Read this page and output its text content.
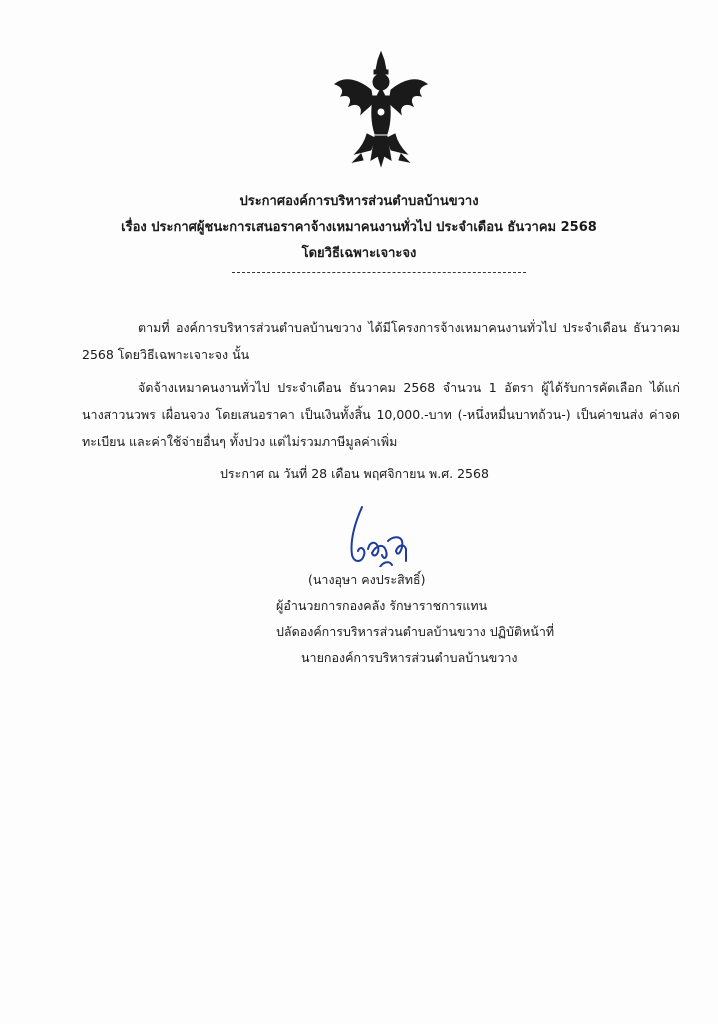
ประกาศองค์การบริหารส่วนตำบลบ้านขวาง
เรื่อง ประกาศผู้ชนะการเสนอราคาจ้างเหมาคนงานทั่วไป ประจำเดือน ธันวาคม 2568
โดยวิธีเฉพาะเจาะจง
ตามที่ องค์การบริหารส่วนตำบลบ้านขวาง ได้มีโครงการจ้างเหมาคนงานทั่วไป ประจำเดือน ธันวาคม
2568 โดยวิธีเฉพาะเจาะจง นั้น
จัดจ้างเหมาคนงานทั่วไป ประจำเดือน ธันวาคม 2568 จำนวน 1 อัตรา ผู้ได้รับการคัดเลือก ได้แก่
นางสาวนวพร เผื่อนจวง โดยเสนอราคา เป็นเงินทั้งสิ้น 10,000.-บาท (-หนึ่งหมื่นบาทถ้วน-) เป็นค่าขนส่ง ค่าจด
ทะเบียน และค่าใช้จ่ายอื่นๆ ทั้งปวง แต่ไม่รวมภาษีมูลค่าเพิ่ม
ประกาศ ณ วันที่ 28 เดือน พฤศจิกายน พ.ศ. 2568
(นางอุษา คงประสิทธิ์)
ผู้อำนวยการกองคลัง รักษาราชการแทน
ปลัดองค์การบริหารส่วนตำบลบ้านขวาง ปฏิบัติหน้าที่
นายกองค์การบริหารส่วนตำบลบ้านขวาง
